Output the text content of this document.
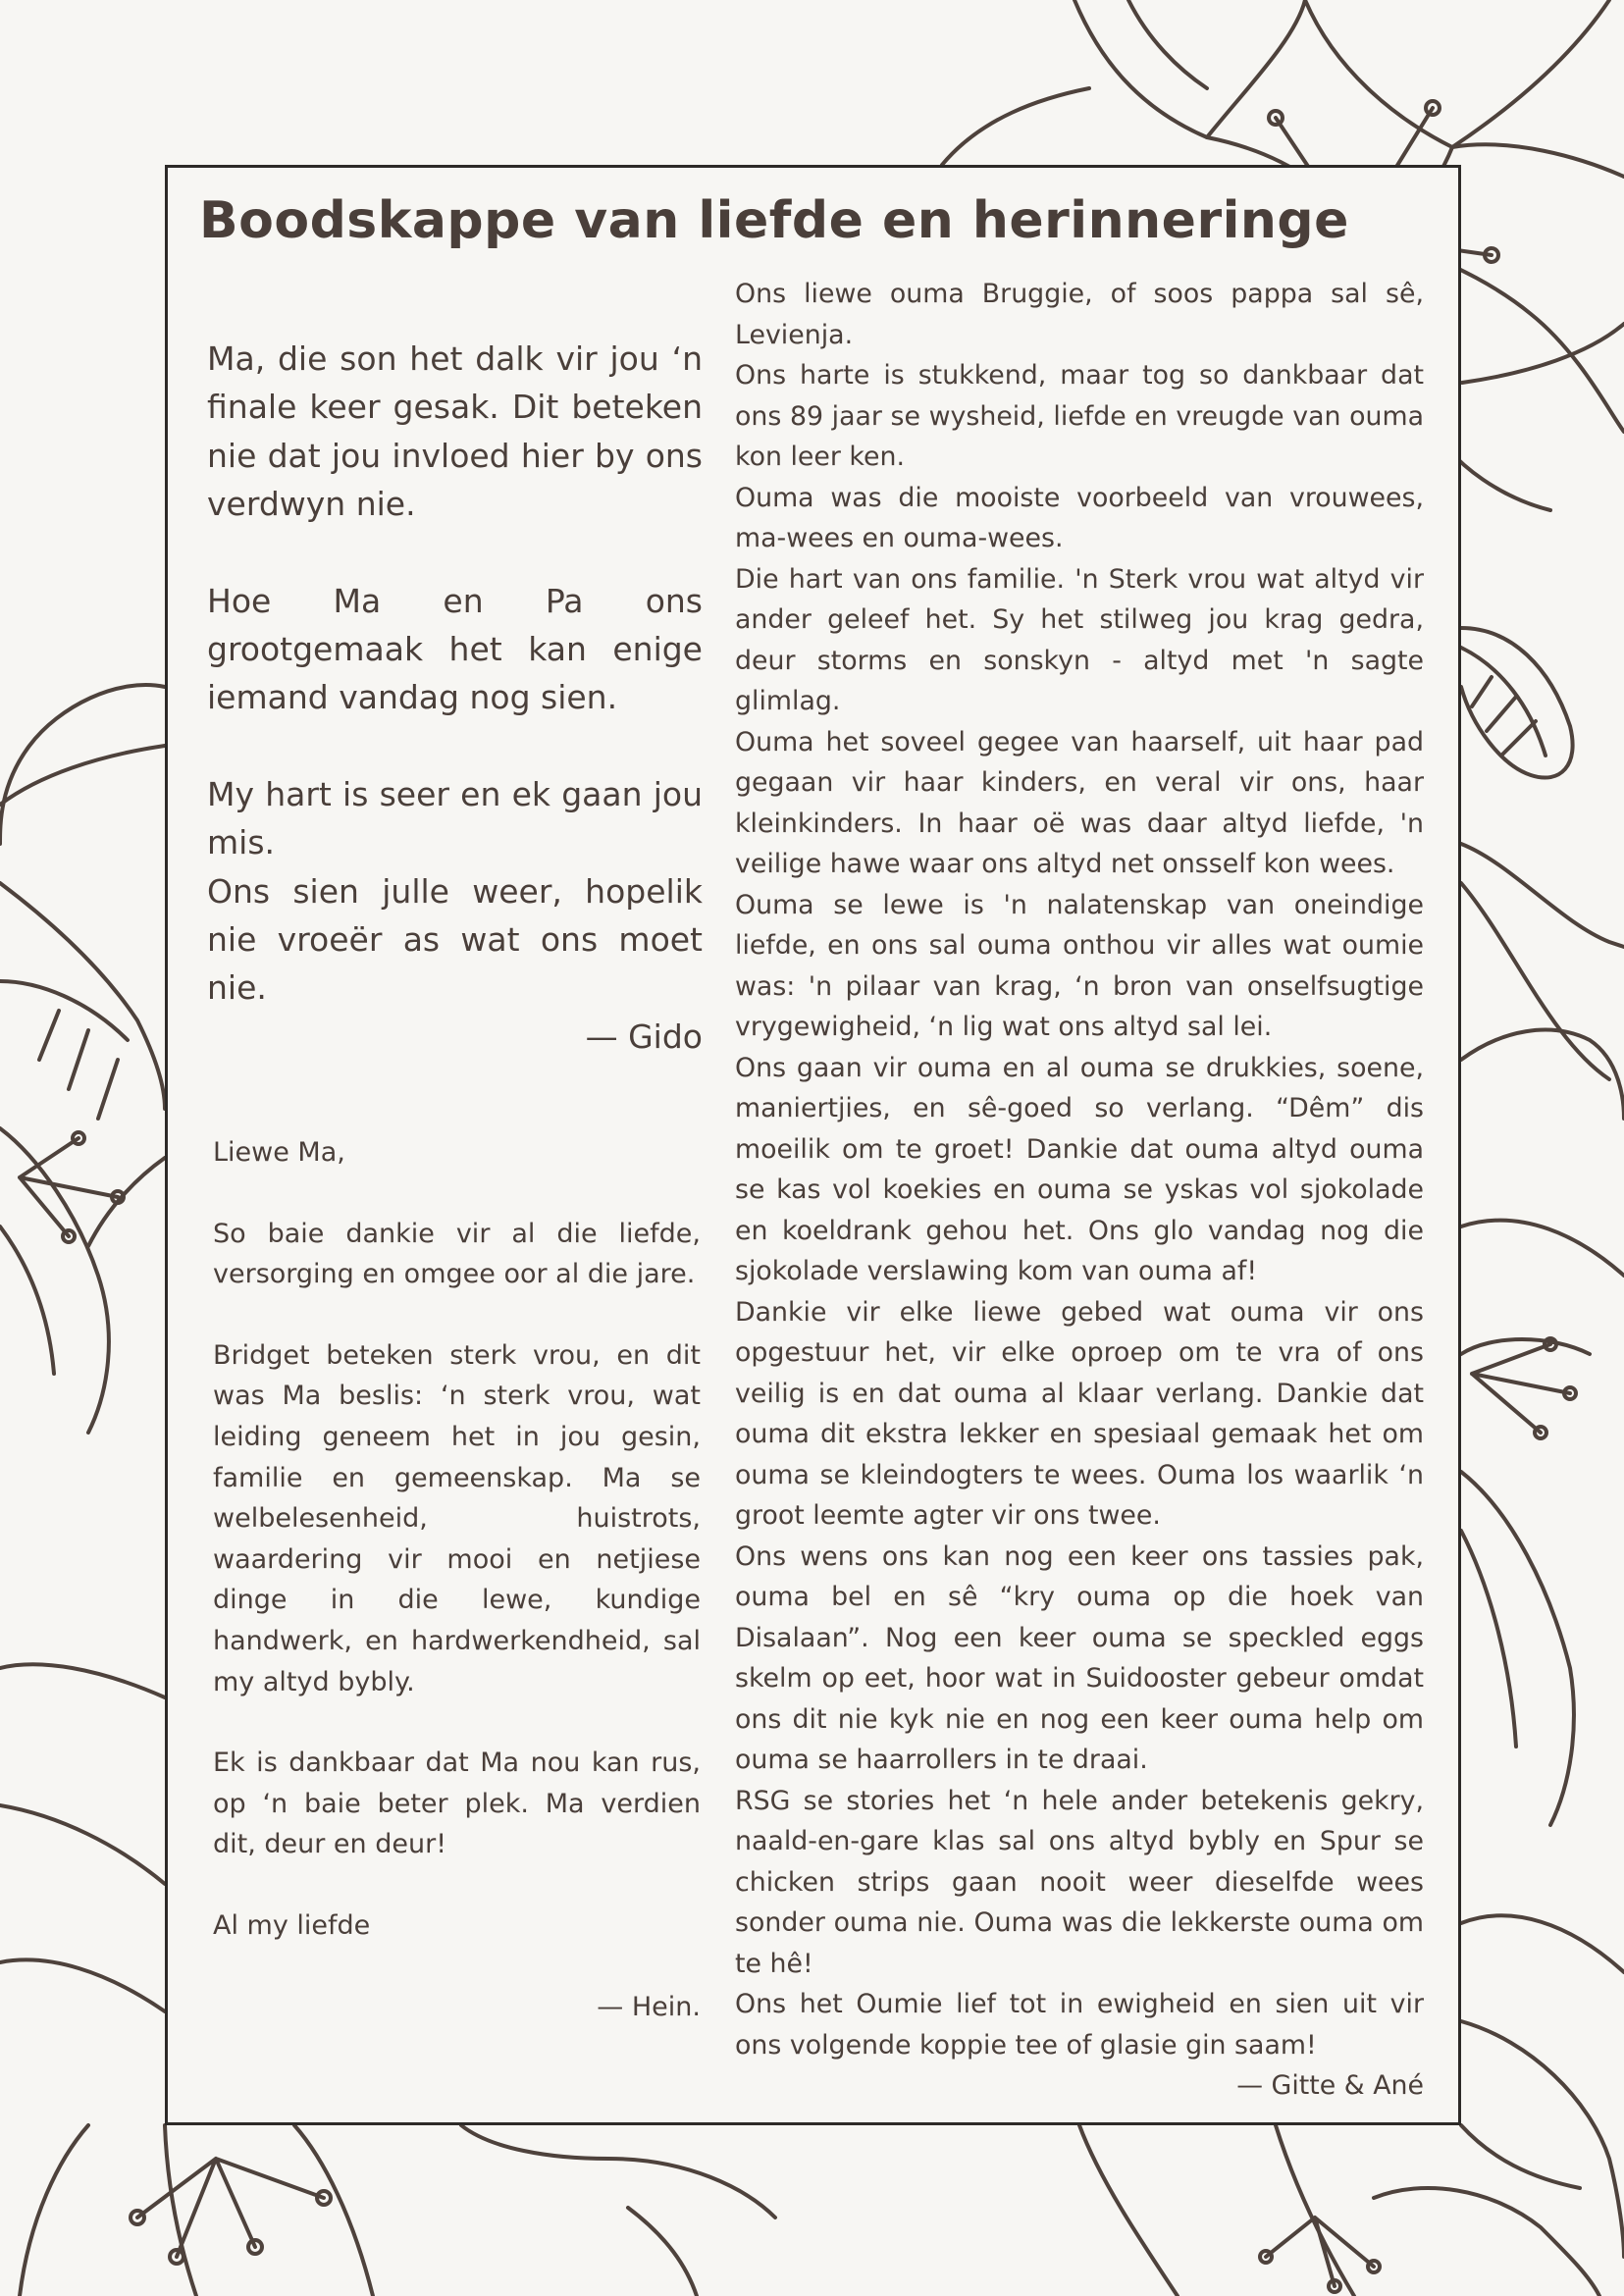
Boodskappe van liefde en herinneringe

Ma, die son het dalk vir jou ‘n finale keer gesak. Dit beteken nie dat jou invloed hier by ons verdwyn nie.

Hoe Ma en Pa ons grootgemaak het kan enige iemand vandag nog sien.

My hart is seer en ek gaan jou mis.

Ons sien julle weer, hopelik nie vroeër as wat ons moet nie.

— Gido

Liewe Ma,

So baie dankie vir al die liefde, versorging en omgee oor al die jare.

Bridget beteken sterk vrou, en dit was Ma beslis: ‘n sterk vrou, wat leiding geneem het in jou gesin, familie en gemeenskap. Ma se welbelesenheid, huistrots, waardering vir mooi en netjiese dinge in die lewe, kundige handwerk, en hardwerkendheid, sal my altyd bybly.

Ek is dankbaar dat Ma nou kan rus, op ‘n baie beter plek. Ma verdien dit, deur en deur!

Al my liefde

— Hein.

Ons liewe ouma Bruggie, of soos pappa sal sê, Levienja.

Ons harte is stukkend, maar tog so dankbaar dat ons 89 jaar se wysheid, liefde en vreugde van ouma kon leer ken.

Ouma was die mooiste voorbeeld van vrouwees, ma-wees en ouma-wees.

Die hart van ons familie. 'n Sterk vrou wat altyd vir ander geleef het. Sy het stilweg jou krag gedra, deur storms en sonskyn - altyd met 'n sagte glimlag.

Ouma het soveel gegee van haarself, uit haar pad gegaan vir haar kinders, en veral vir ons, haar kleinkinders. In haar oë was daar altyd liefde, 'n veilige hawe waar ons altyd net onsself kon wees.

Ouma se lewe is 'n nalatenskap van oneindige liefde, en ons sal ouma onthou vir alles wat oumie was: 'n pilaar van krag, ‘n bron van onselfsugtige vrygewigheid, ‘n lig wat ons altyd sal lei.

Ons gaan vir ouma en al ouma se drukkies, soene, maniertjies, en sê-goed so verlang. “Dêm” dis moeilik om te groet! Dankie dat ouma altyd ouma se kas vol koekies en ouma se yskas vol sjokolade en koeldrank gehou het. Ons glo vandag nog die sjokolade verslawing kom van ouma af!

Dankie vir elke liewe gebed wat ouma vir ons opgestuur het, vir elke oproep om te vra of ons veilig is en dat ouma al klaar verlang. Dankie dat ouma dit ekstra lekker en spesiaal gemaak het om ouma se kleindogters te wees. Ouma los waarlik ‘n groot leemte agter vir ons twee.

Ons wens ons kan nog een keer ons tassies pak, ouma bel en sê “kry ouma op die hoek van Disalaan”. Nog een keer ouma se speckled eggs skelm op eet, hoor wat in Suidooster gebeur omdat ons dit nie kyk nie en nog een keer ouma help om ouma se haarrollers in te draai.

RSG se stories het ‘n hele ander betekenis gekry, naald-en-gare klas sal ons altyd bybly en Spur se chicken strips gaan nooit weer dieselfde wees sonder ouma nie. Ouma was die lekkerste ouma om te hê!

Ons het Oumie lief tot in ewigheid en sien uit vir ons volgende koppie tee of glasie gin saam!

— Gitte & Ané
